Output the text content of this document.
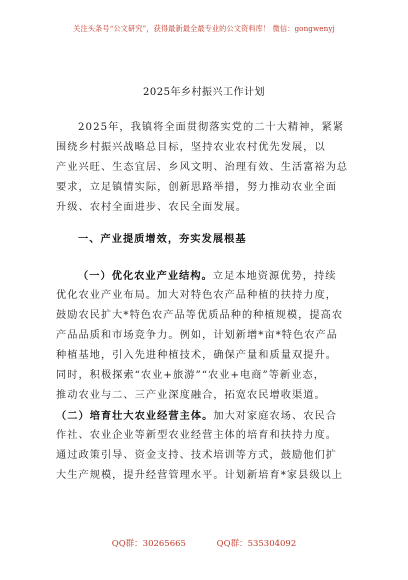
关注头条号“公文研究”，获得最新最全最专业的公文资料库！ 微信：gongwenyj
2025年乡村振兴工作计划
2025年，我镇将全面贯彻落实党的二十大精神，紧紧
围绕乡村振兴战略总目标，坚持农业农村优先发展，以
产业兴旺、生态宜居、乡风文明、治理有效、生活富裕为总
要求，立足镇情实际，创新思路举措，努力推动农业全面
升级、农村全面进步、农民全面发展。
一、产业提质增效，夯实发展根基
（一）优化农业产业结构。立足本地资源优势，持续
优化农业产业布局。加大对特色农产品种植的扶持力度，
鼓励农民扩大*特色农产品等优质品种的种植规模，提高农
产品品质和市场竞争力。例如，计划新增*亩*特色农产品
种植基地，引入先进种植技术，确保产量和质量双提升。
同时，积极探索“农业+旅游”“农业+电商”等新业态，
推动农业与二、三产业深度融合，拓宽农民增收渠道。
（二）培育壮大农业经营主体。加大对家庭农场、农民合
作社、农业企业等新型农业经营主体的培育和扶持力度。
通过政策引导、资金支持、技术培训等方式，鼓励他们扩
大生产规模，提升经营管理水平。计划新培育*家县级以上
QQ群：30265665	QQ群：535304092
